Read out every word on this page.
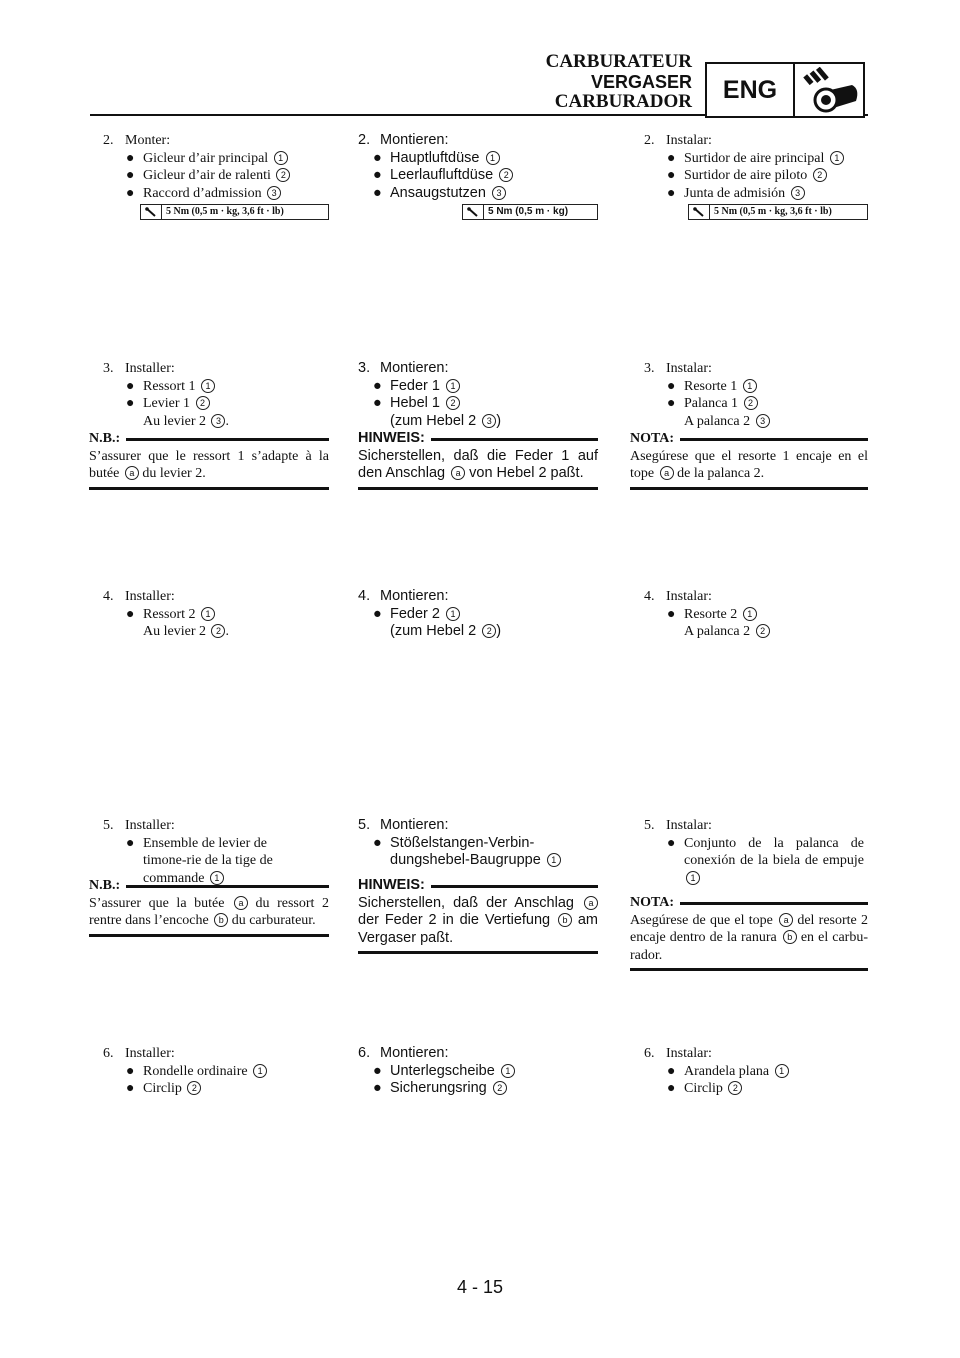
CARBURATEUR
VERGASER
CARBURADOR	ENG
2. Monter:
● Gicleur d’air principal 1
● Gicleur d’air de ralenti 2
● Raccord d’admission 3
5 Nm (0,5 m · kg, 3,6 ft · lb)
3. Installer:
● Ressort 1 1
● Levier 1 2
Au levier 2 3 .
N.B.:
S’assurer que le ressort 1 s’adapte à la butée a du levier 2.
4. Installer:
● Ressort 2 1
Au levier 2 2 .
5. Installer:
● Ensemble de levier de timone-rie de la tige de commande 1
N.B.:
S’assurer que la butée a du ressort 2 rentre dans l’encoche b du carburateur.
6. Installer:
● Rondelle ordinaire 1
● Circlip 2
2. Montieren:
● Hauptluftdüse 1
● Leerlaufluftdüse 2
● Ansaugstutzen 3
5 Nm (0,5 m · kg)
3. Montieren:
● Feder 1 1
● Hebel 1 2
(zum Hebel 2 3 )
HINWEIS:
Sicherstellen, daß die Feder 1 auf den Anschlag a von Hebel 2 paßt.
4. Montieren:
● Feder 2 1
(zum Hebel 2 2 )
5. Montieren:
● Stößelstangen-Verbin-dungshebel-Baugruppe 1
HINWEIS:
Sicherstellen, daß der Anschlag a der Feder 2 in die Vertiefung b am Vergaser paßt.
6. Montieren:
● Unterlegscheibe 1
● Sicherungsring 2
2. Instalar:
● Surtidor de aire principal 1
● Surtidor de aire piloto 2
● Junta de admisión 3
5 Nm (0,5 m · kg, 3,6 ft · lb)
3. Instalar:
● Resorte 1 1
● Palanca 1 2
A palanca 2 3
NOTA:
Asegúrese que el resorte 1 encaje en el tope a de la palanca 2.
4. Instalar:
● Resorte 2 1
A palanca 2 2
5. Instalar:
● Conjunto de la palanca de conexión de la biela de empuje 1
NOTA:
Asegúrese de que el tope a del resorte 2 encaje dentro de la ranura b en el carbu-rador.
6. Instalar:
● Arandela plana 1
● Circlip 2
4 - 15
